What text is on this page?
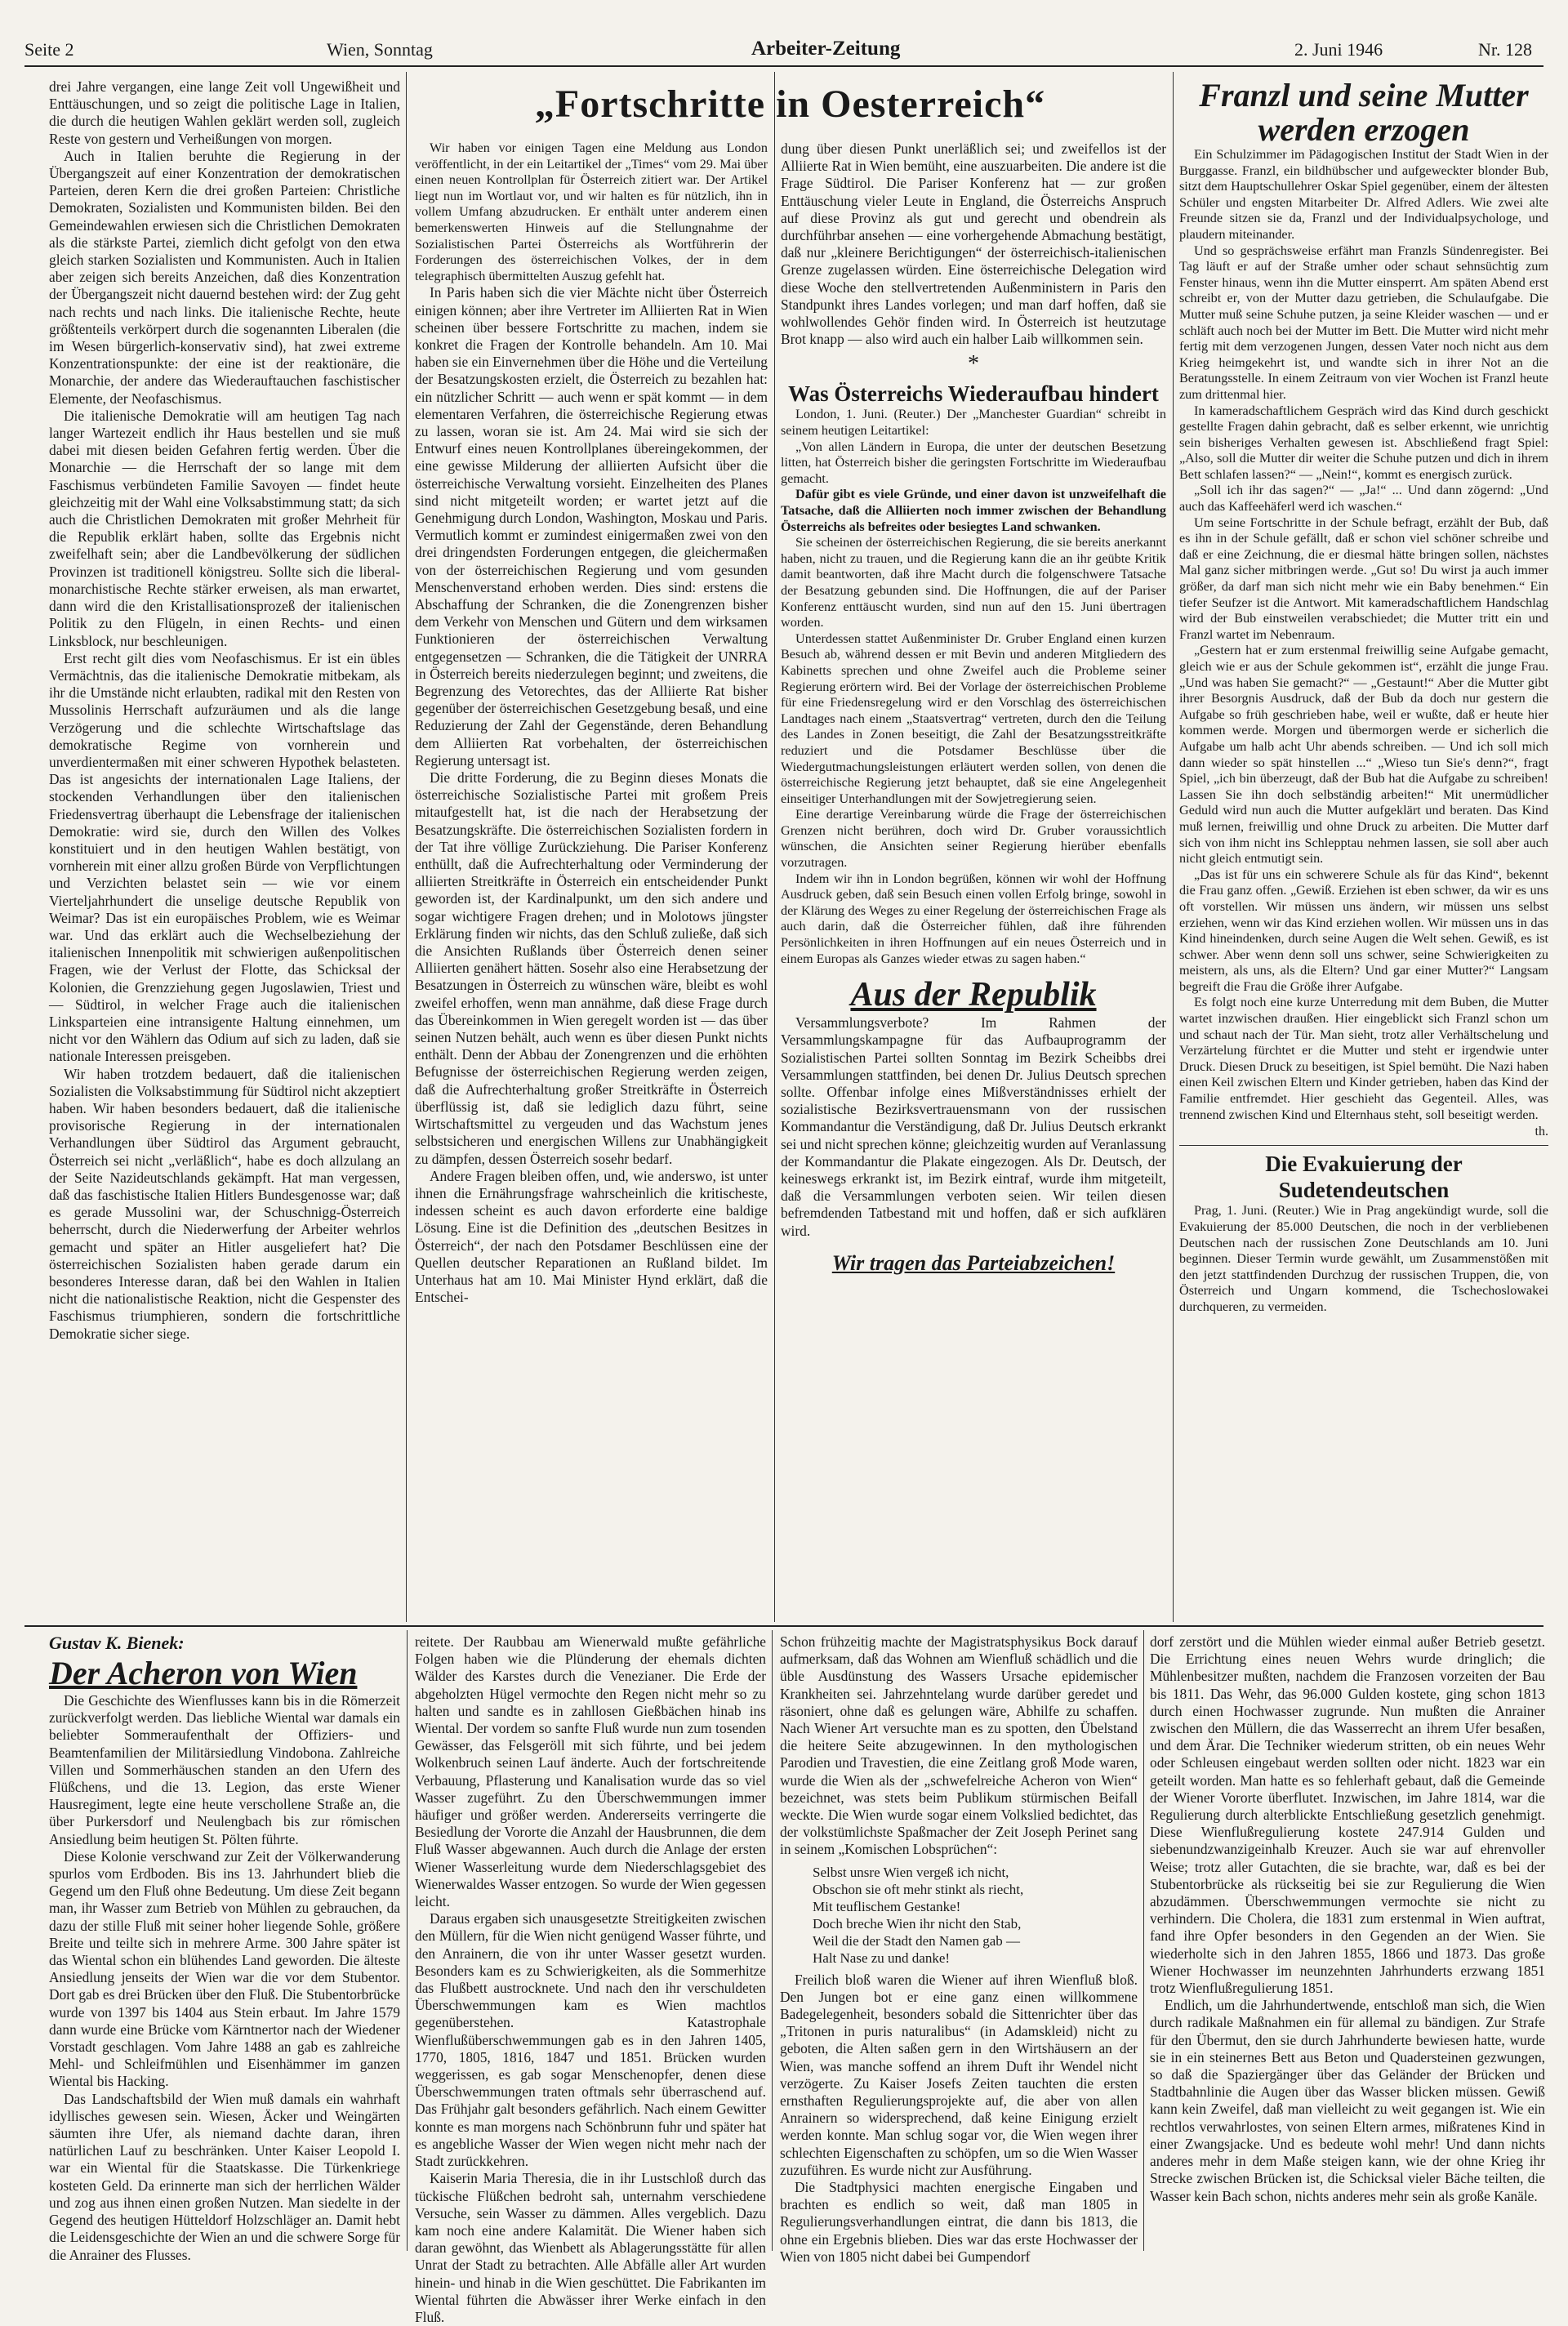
Seite 2	Wien, Sonntag	Arbeiter-Zeitung	2. Juni 1946	Nr. 128

drei Jahre vergangen, eine lange Zeit voll Ungewißheit und Enttäuschungen, und so zeigt die politische Lage in Italien, die durch die heutigen Wahlen geklärt werden soll, zugleich Reste von gestern und Verheißungen von morgen.

Auch in Italien beruhte die Regierung in der Übergangszeit auf einer Konzentration der demokratischen Parteien, deren Kern die drei großen Parteien: Christliche Demokraten, Sozialisten und Kommunisten bilden. Bei den Gemeindewahlen erwiesen sich die Christlichen Demokraten als die stärkste Partei, ziemlich dicht gefolgt von den etwa gleich starken Sozialisten und Kommunisten. Auch in Italien aber zeigen sich bereits Anzeichen, daß dies Konzentration der Übergangszeit nicht dauernd bestehen wird: der Zug geht nach rechts und nach links. Die italienische Rechte, heute größtenteils verkörpert durch die sogenannten Liberalen (die im Wesen bürgerlich-konservativ sind), hat zwei extreme Konzentrationspunkte: der eine ist der reaktionäre, die Monarchie, der andere das Wiederauftauchen faschistischer Elemente, der Neofaschismus.

Die italienische Demokratie will am heutigen Tag nach langer Wartezeit endlich ihr Haus bestellen und sie muß dabei mit diesen beiden Gefahren fertig werden. Über die Monarchie — die Herrschaft der so lange mit dem Faschismus verbündeten Familie Savoyen — findet heute gleichzeitig mit der Wahl eine Volksabstimmung statt; da sich auch die Christlichen Demokraten mit großer Mehrheit für die Republik erklärt haben, sollte das Ergebnis nicht zweifelhaft sein; aber die Landbevölkerung der südlichen Provinzen ist traditionell königstreu. Sollte sich die liberal-monarchistische Rechte stärker erweisen, als man erwartet, dann wird die den Kristallisationsprozeß der italienischen Politik zu den Flügeln, in einen Rechts- und einen Linksblock, nur beschleunigen.

Erst recht gilt dies vom Neofaschismus. Er ist ein übles Vermächtnis, das die italienische Demokratie mitbekam, als ihr die Umstände nicht erlaubten, radikal mit den Resten von Mussolinis Herrschaft aufzuräumen und als die lange Verzögerung und die schlechte Wirtschaftslage das demokratische Regime von vornherein und unverdientermaßen mit einer schweren Hypothek belasteten. Das ist angesichts der internationalen Lage Italiens, der stockenden Verhandlungen über den italienischen Friedensvertrag überhaupt die Lebensfrage der italienischen Demokratie: wird sie, durch den Willen des Volkes konstituiert und in den heutigen Wahlen bestätigt, von vornherein mit einer allzu großen Bürde von Verpflichtungen und Verzichten belastet sein — wie vor einem Vierteljahrhundert die unselige deutsche Republik von Weimar? Das ist ein europäisches Problem, wie es Weimar war. Und das erklärt auch die Wechselbeziehung der italienischen Innenpolitik mit schwierigen außenpolitischen Fragen, wie der Verlust der Flotte, das Schicksal der Kolonien, die Grenzziehung gegen Jugoslawien, Triest und — Südtirol, in welcher Frage auch die italienischen Linksparteien eine intransigente Haltung einnehmen, um nicht vor den Wählern das Odium auf sich zu laden, daß sie nationale Interessen preisgeben.

Wir haben trotzdem bedauert, daß die italienischen Sozialisten die Volksabstimmung für Südtirol nicht akzeptiert haben. Wir haben besonders bedauert, daß die italienische provisorische Regierung in der internationalen Verhandlungen über Südtirol das Argument gebraucht, Österreich sei nicht „verläßlich“, habe es doch allzulang an der Seite Nazideutschlands gekämpft. Hat man vergessen, daß das faschistische Italien Hitlers Bundesgenosse war; daß es gerade Mussolini war, der Schuschnigg-Österreich beherrscht, durch die Niederwerfung der Arbeiter wehrlos gemacht und später an Hitler ausgeliefert hat? Die österreichischen Sozialisten haben gerade darum ein besonderes Interesse daran, daß bei den Wahlen in Italien nicht die nationalistische Reaktion, nicht die Gespenster des Faschismus triumphieren, sondern die fortschrittliche Demokratie sicher siege.

„Fortschritte in Oesterreich“

Wir haben vor einigen Tagen eine Meldung aus London veröffentlicht, in der ein Leitartikel der „Times“ vom 29. Mai über einen neuen Kontrollplan für Österreich zitiert war. Der Artikel liegt nun im Wortlaut vor, und wir halten es für nützlich, ihn in vollem Umfang abzudrucken. Er enthält unter anderem einen bemerkenswerten Hinweis auf die Stellungnahme der Sozialistischen Partei Österreichs als Wortführerin der Forderungen des österreichischen Volkes, der in dem telegraphisch übermittelten Auszug gefehlt hat.

In Paris haben sich die vier Mächte nicht über Österreich einigen können; aber ihre Vertreter im Alliierten Rat in Wien scheinen über bessere Fortschritte zu machen, indem sie konkret die Fragen der Kontrolle behandeln. Am 10. Mai haben sie ein Einvernehmen über die Höhe und die Verteilung der Besatzungskosten erzielt, die Österreich zu bezahlen hat: ein nützlicher Schritt — auch wenn er spät kommt — in dem elementaren Verfahren, die österreichische Regierung etwas zu lassen, woran sie ist. Am 24. Mai wird sie sich der Entwurf eines neuen Kontrollplanes übereingekommen, der eine gewisse Milderung der alliierten Aufsicht über die österreichische Verwaltung vorsieht. Einzelheiten des Planes sind nicht mitgeteilt worden; er wartet jetzt auf die Genehmigung durch London, Washington, Moskau und Paris. Vermutlich kommt er zumindest einigermaßen zwei von den drei dringendsten Forderungen entgegen, die gleichermaßen von der österreichischen Regierung und vom gesunden Menschenverstand erhoben werden. Dies sind: erstens die Abschaffung der Schranken, die die Zonengrenzen bisher dem Verkehr von Menschen und Gütern und dem wirksamen Funktionieren der österreichischen Verwaltung entgegensetzen — Schranken, die die Tätigkeit der UNRRA in Österreich bereits niederzulegen beginnt; und zweitens, die Begrenzung des Vetorechtes, das der Alliierte Rat bisher gegenüber der österreichischen Gesetzgebung besaß, und eine Reduzierung der Zahl der Gegenstände, deren Behandlung dem Alliierten Rat vorbehalten, der österreichischen Regierung untersagt ist.

Die dritte Forderung, die zu Beginn dieses Monats die österreichische Sozialistische Partei mit großem Preis mitaufgestellt hat, ist die nach der Herabsetzung der Besatzungskräfte. Die österreichischen Sozialisten fordern in der Tat ihre völlige Zurückziehung. Die Pariser Konferenz enthüllt, daß die Aufrechterhaltung oder Verminderung der alliierten Streitkräfte in Österreich ein entscheidender Punkt geworden ist, der Kardinalpunkt, um den sich andere und sogar wichtigere Fragen drehen; und in Molotows jüngster Erklärung finden wir nichts, das den Schluß zuließe, daß sich die Ansichten Rußlands über Österreich denen seiner Alliierten genähert hätten. Sosehr also eine Herabsetzung der Besatzungen in Österreich zu wünschen wäre, bleibt es wohl zweifel erhoffen, wenn man annähme, daß diese Frage durch das Übereinkommen in Wien geregelt worden ist — das über seinen Nutzen behält, auch wenn es über diesen Punkt nichts enthält. Denn der Abbau der Zonengrenzen und die erhöhten Befugnisse der österreichischen Regierung werden zeigen, daß die Aufrechterhaltung großer Streitkräfte in Österreich überflüssig ist, daß sie lediglich dazu führt, seine Wirtschaftsmittel zu vergeuden und das Wachstum jenes selbstsicheren und energischen Willens zur Unabhängigkeit zu dämpfen, dessen Österreich sosehr bedarf.

Andere Fragen bleiben offen, und, wie anderswo, ist unter ihnen die Ernährungsfrage wahrscheinlich die kritischeste, indessen scheint es auch davon erforderte eine baldige Lösung. Eine ist die Definition des „deutschen Besitzes in Österreich“, der nach den Potsdamer Beschlüssen eine der Quellen deutscher Reparationen an Rußland bildet. Im Unterhaus hat am 10. Mai Minister Hynd erklärt, daß die Entschei-

dung über diesen Punkt unerläßlich sei; und zweifellos ist der Alliierte Rat in Wien bemüht, eine auszuarbeiten. Die andere ist die Frage Südtirol. Die Pariser Konferenz hat — zur großen Enttäuschung vieler Leute in England, die Österreichs Anspruch auf diese Provinz als gut und gerecht und obendrein als durchführbar ansehen — eine vorhergehende Abmachung bestätigt, daß nur „kleinere Berichtigungen“ der österreichisch-italienischen Grenze zugelassen würden. Eine österreichische Delegation wird diese Woche den stellvertretenden Außenministern in Paris den Standpunkt ihres Landes vorlegen; und man darf hoffen, daß sie wohlwollendes Gehör finden wird. In Österreich ist heutzutage Brot knapp — also wird auch ein halber Laib willkommen sein.

*

Was Österreichs Wiederaufbau hindert

London, 1. Juni. (Reuter.) Der „Manchester Guardian“ schreibt in seinem heutigen Leitartikel:

„Von allen Ländern in Europa, die unter der deutschen Besetzung litten, hat Österreich bisher die geringsten Fortschritte im Wiederaufbau gemacht.

Dafür gibt es viele Gründe, und einer davon ist unzweifelhaft die Tatsache, daß die Alliierten noch immer zwischen der Behandlung Österreichs als befreites oder besiegtes Land schwanken.

Sie scheinen der österreichischen Regierung, die sie bereits anerkannt haben, nicht zu trauen, und die Regierung kann die an ihr geübte Kritik damit beantworten, daß ihre Macht durch die folgenschwere Tatsache der Besatzung gebunden sind. Die Hoffnungen, die auf der Pariser Konferenz enttäuscht wurden, sind nun auf den 15. Juni übertragen worden.

Unterdessen stattet Außenminister Dr. Gruber England einen kurzen Besuch ab, während dessen er mit Bevin und anderen Mitgliedern des Kabinetts sprechen und ohne Zweifel auch die Probleme seiner Regierung erörtern wird. Bei der Vorlage der österreichischen Probleme für eine Friedensregelung wird er den Vorschlag des österreichischen Landtages nach einem „Staatsvertrag“ vertreten, durch den die Teilung des Landes in Zonen beseitigt, die Zahl der Besatzungsstreitkräfte reduziert und die Potsdamer Beschlüsse über die Wiedergutmachungsleistungen erläutert werden sollen, von denen die österreichische Regierung jetzt behauptet, daß sie eine Angelegenheit einseitiger Unterhandlungen mit der Sowjetregierung seien.

Eine derartige Vereinbarung würde die Frage der österreichischen Grenzen nicht berühren, doch wird Dr. Gruber voraussichtlich wünschen, die Ansichten seiner Regierung hierüber ebenfalls vorzutragen.

Indem wir ihn in London begrüßen, können wir wohl der Hoffnung Ausdruck geben, daß sein Besuch einen vollen Erfolg bringe, sowohl in der Klärung des Weges zu einer Regelung der österreichischen Frage als auch darin, daß die Österreicher fühlen, daß ihre führenden Persönlichkeiten in ihren Hoffnungen auf ein neues Österreich und in einem Europas als Ganzes wieder etwas zu sagen haben.“

Aus der Republik

Versammlungsverbote? Im Rahmen der Versammlungskampagne für das Aufbauprogramm der Sozialistischen Partei sollten Sonntag im Bezirk Scheibbs drei Versammlungen stattfinden, bei denen Dr. Julius Deutsch sprechen sollte. Offenbar infolge eines Mißverständnisses erhielt der sozialistische Bezirksvertrauensmann von der russischen Kommandantur die Verständigung, daß Dr. Julius Deutsch erkrankt sei und nicht sprechen könne; gleichzeitig wurden auf Veranlassung der Kommandantur die Plakate eingezogen. Als Dr. Deutsch, der keineswegs erkrankt ist, im Bezirk eintraf, wurde ihm mitgeteilt, daß die Versammlungen verboten seien. Wir teilen diesen befremdenden Tatbestand mit und hoffen, daß er sich aufklären wird.

Wir tragen das Parteiabzeichen!

Franzl und seine Mutter

werden erzogen

Ein Schulzimmer im Pädagogischen Institut der Stadt Wien in der Burggasse. Franzl, ein bildhübscher und aufgeweckter blonder Bub, sitzt dem Hauptschullehrer Oskar Spiel gegenüber, einem der ältesten Schüler und engsten Mitarbeiter Dr. Alfred Adlers. Wie zwei alte Freunde sitzen sie da, Franzl und der Individualpsychologe, und plaudern miteinander.

Und so gesprächsweise erfährt man Franzls Sündenregister. Bei Tag läuft er auf der Straße umher oder schaut sehnsüchtig zum Fenster hinaus, wenn ihn die Mutter einsperrt. Am späten Abend erst schreibt er, von der Mutter dazu getrieben, die Schulaufgabe. Die Mutter muß seine Schuhe putzen, ja seine Kleider waschen — und er schläft auch noch bei der Mutter im Bett. Die Mutter wird nicht mehr fertig mit dem verzogenen Jungen, dessen Vater noch nicht aus dem Krieg heimgekehrt ist, und wandte sich in ihrer Not an die Beratungsstelle. In einem Zeitraum von vier Wochen ist Franzl heute zum drittenmal hier.

In kameradschaftlichem Gespräch wird das Kind durch geschickt gestellte Fragen dahin gebracht, daß es selber erkennt, wie unrichtig sein bisheriges Verhalten gewesen ist. Abschließend fragt Spiel: „Also, soll die Mutter dir weiter die Schuhe putzen und dich in ihrem Bett schlafen lassen?“ — „Nein!“, kommt es energisch zurück.

„Soll ich ihr das sagen?“ — „Ja!“ ... Und dann zögernd: „Und auch das Kaffeehäferl werd ich waschen.“

Um seine Fortschritte in der Schule befragt, erzählt der Bub, daß es ihn in der Schule gefällt, daß er schon viel schöner schreibe und daß er eine Zeichnung, die er diesmal hätte bringen sollen, nächstes Mal ganz sicher mitbringen werde. „Gut so! Du wirst ja auch immer größer, da darf man sich nicht mehr wie ein Baby benehmen.“ Ein tiefer Seufzer ist die Antwort. Mit kameradschaftlichem Handschlag wird der Bub einstweilen verabschiedet; die Mutter tritt ein und Franzl wartet im Nebenraum.

„Gestern hat er zum erstenmal freiwillig seine Aufgabe gemacht, gleich wie er aus der Schule gekommen ist“, erzählt die junge Frau. „Und was haben Sie gemacht?“ — „Gestaunt!“ Aber die Mutter gibt ihrer Besorgnis Ausdruck, daß der Bub da doch nur gestern die Aufgabe so früh geschrieben habe, weil er wußte, daß er heute hier kommen werde. Morgen und übermorgen werde er sicherlich die Aufgabe um halb acht Uhr abends schreiben. — Und ich soll mich dann wieder so spät hinstellen ...“ „Wieso tun Sie's denn?“, fragt Spiel, „ich bin überzeugt, daß der Bub hat die Aufgabe zu schreiben! Lassen Sie ihn doch selbständig arbeiten!“ Mit unermüdlicher Geduld wird nun auch die Mutter aufgeklärt und beraten. Das Kind muß lernen, freiwillig und ohne Druck zu arbeiten. Die Mutter darf sich von ihm nicht ins Schlepptau nehmen lassen, sie soll aber auch nicht gleich entmutigt sein.

„Das ist für uns ein schwerere Schule als für das Kind“, bekennt die Frau ganz offen. „Gewiß. Erziehen ist eben schwer, da wir es uns oft vorstellen. Wir müssen uns ändern, wir müssen uns selbst erziehen, wenn wir das Kind erziehen wollen. Wir müssen uns in das Kind hineindenken, durch seine Augen die Welt sehen. Gewiß, es ist schwer. Aber wenn denn soll uns schwer, seine Schwierigkeiten zu meistern, als uns, als die Eltern? Und gar einer Mutter?“ Langsam begreift die Frau die Größe ihrer Aufgabe.

Es folgt noch eine kurze Unterredung mit dem Buben, die Mutter wartet inzwischen draußen. Hier eingeblickt sich Franzl schon um und schaut nach der Tür. Man sieht, trotz aller Verhältschelung und Verzärtelung fürchtet er die Mutter und steht er irgendwie unter Druck. Diesen Druck zu beseitigen, ist Spiel bemüht. Die Nazi haben einen Keil zwischen Eltern und Kinder getrieben, haben das Kind der Familie entfremdet. Hier geschieht das Gegenteil. Alles, was trennend zwischen Kind und Elternhaus steht, soll beseitigt werden.

th.

Die Evakuierung der Sudetendeutschen

Prag, 1. Juni. (Reuter.) Wie in Prag angekündigt wurde, soll die Evakuierung der 85.000 Deutschen, die noch in der verbliebenen Deutschen nach der russischen Zone Deutschlands am 10. Juni beginnen. Dieser Termin wurde gewählt, um Zusammenstößen mit den jetzt stattfindenden Durchzug der russischen Truppen, die, von Österreich und Ungarn kommend, die Tschechoslowakei durchqueren, zu vermeiden.

Gustav K. Bienek:

Der Acheron von Wien

Die Geschichte des Wienflusses kann bis in die Römerzeit zurückverfolgt werden. Das liebliche Wiental war damals ein beliebter Sommeraufenthalt der Offiziers- und Beamtenfamilien der Militärsiedlung Vindobona. Zahlreiche Villen und Sommerhäuschen standen an den Ufern des Flüßchens, und die 13. Legion, das erste Wiener Hausregiment, legte eine heute verschollene Straße an, die über Purkersdorf und Neulengbach bis zur römischen Ansiedlung beim heutigen St. Pölten führte.

Diese Kolonie verschwand zur Zeit der Völkerwanderung spurlos vom Erdboden. Bis ins 13. Jahrhundert blieb die Gegend um den Fluß ohne Bedeutung. Um diese Zeit begann man, ihr Wasser zum Betrieb von Mühlen zu gebrauchen, da dazu der stille Fluß mit seiner hoher liegende Sohle, größere Breite und teilte sich in mehrere Arme. 300 Jahre später ist das Wiental schon ein blühendes Land geworden. Die älteste Ansiedlung jenseits der Wien war die vor dem Stubentor. Dort gab es drei Brücken über den Fluß. Die Stubentorbrücke wurde von 1397 bis 1404 aus Stein erbaut. Im Jahre 1579 dann wurde eine Brücke vom Kärntnertor nach der Wiedener Vorstadt geschlagen. Vom Jahre 1488 an gab es zahlreiche Mehl- und Schleifmühlen und Eisenhämmer im ganzen Wiental bis Hacking.

Das Landschaftsbild der Wien muß damals ein wahrhaft idyllisches gewesen sein. Wiesen, Äcker und Weingärten säumten ihre Ufer, als niemand dachte daran, ihren natürlichen Lauf zu beschränken. Unter Kaiser Leopold I. war ein Wiental für die Staatskasse. Die Türkenkriege kosteten Geld. Da erinnerte man sich der herrlichen Wälder und zog aus ihnen einen großen Nutzen. Man siedelte in der Gegend des heutigen Hütteldorf Holzschläger an. Damit hebt die Leidensgeschichte der Wien an und die schwere Sorge für die Anrainer des Flusses.

reitete. Der Raubbau am Wienerwald mußte gefährliche Folgen haben wie die Plünderung der ehemals dichten Wälder des Karstes durch die Venezianer. Die Erde der abgeholzten Hügel vermochte den Regen nicht mehr so zu halten und sandte es in zahllosen Gießbächen hinab ins Wiental. Der vordem so sanfte Fluß wurde nun zum tosenden Gewässer, das Felsgeröll mit sich führte, und bei jedem Wolkenbruch seinen Lauf änderte. Auch der fortschreitende Verbauung, Pflasterung und Kanalisation wurde das so viel Wasser zugeführt. Zu den Überschwemmungen immer häufiger und größer werden. Andererseits verringerte die Besiedlung der Vororte die Anzahl der Hausbrunnen, die dem Fluß Wasser abgewannen. Auch durch die Anlage der ersten Wiener Wasserleitung wurde dem Niederschlagsgebiet des Wienerwaldes Wasser entzogen. So wurde der Wien gegessen leicht.

Daraus ergaben sich unausgesetzte Streitigkeiten zwischen den Müllern, für die Wien nicht genügend Wasser führte, und den Anrainern, die von ihr unter Wasser gesetzt wurden. Besonders kam es zu Schwierigkeiten, als die Sommerhitze das Flußbett austrocknete. Und nach den ihr verschuldeten Überschwemmungen kam es Wien machtlos gegenüberstehen. Katastrophale Wienflußüberschwemmungen gab es in den Jahren 1405, 1770, 1805, 1816, 1847 und 1851. Brücken wurden weggerissen, es gab sogar Menschenopfer, denen diese Überschwemmungen traten oftmals sehr überraschend auf. Das Frühjahr galt besonders gefährlich. Nach einem Gewitter konnte es man morgens nach Schönbrunn fuhr und später hat es angebliche Wasser der Wien wegen nicht mehr nach der Stadt zurückkehren.

Kaiserin Maria Theresia, die in ihr Lustschloß durch das tückische Flüßchen bedroht sah, unternahm verschiedene Versuche, sein Wasser zu dämmen. Alles vergeblich. Dazu kam noch eine andere Kalamität. Die Wiener haben sich daran gewöhnt, das Wienbett als Ablagerungsstätte für allen Unrat der Stadt zu betrachten. Alle Abfälle aller Art wurden hinein- und hinab in die Wien geschüttet. Die Fabrikanten im Wiental führten die Abwässer ihrer Werke einfach in den Fluß.

Schon frühzeitig machte der Magistratsphysikus Bock darauf aufmerksam, daß das Wohnen am Wienfluß schädlich und die üble Ausdünstung des Wassers Ursache epidemischer Krankheiten sei. Jahrzehntelang wurde darüber geredet und räsoniert, ohne daß es gelungen wäre, Abhilfe zu schaffen. Nach Wiener Art versuchte man es zu spotten, den Übelstand die heitere Seite abzugewinnen. In den mythologischen Parodien und Travestien, die eine Zeitlang groß Mode waren, wurde die Wien als der „schwefelreiche Acheron von Wien“ bezeichnet, was stets beim Publikum stürmischen Beifall weckte. Die Wien wurde sogar einem Volkslied bedichtet, das der volkstümlichste Spaßmacher der Zeit Joseph Perinet sang in seinem „Komischen Lobsprüchen“:

Selbst unsre Wien vergeß ich nicht,
Obschon sie oft mehr stinkt als riecht,
Mit teuflischem Gestanke!
Doch breche Wien ihr nicht den Stab,
Weil die der Stadt den Namen gab —
Halt Nase zu und danke!

Freilich bloß waren die Wiener auf ihren Wienfluß bloß. Den Jungen bot er eine ganz einen willkommene Badegelegenheit, besonders sobald die Sittenrichter über das „Tritonen in puris naturalibus“ (in Adamskleid) nicht zu geboten, die Alten saßen gern in den Wirtshäusern an der Wien, was manche soffend an ihrem Duft ihr Wendel nicht verzögerte. Zu Kaiser Josefs Zeiten tauchten die ersten ernsthaften Regulierungsprojekte auf, die aber von allen Anrainern so widersprechend, daß keine Einigung erzielt werden konnte. Man schlug sogar vor, die Wien wegen ihrer schlechten Eigenschaften zu schöpfen, um so die Wien Wasser zuzuführen. Es wurde nicht zur Ausführung.

Die Stadtphysici machten energische Eingaben und brachten es endlich so weit, daß man 1805 in Regulierungsverhandlungen eintrat, die dann bis 1813, die ohne ein Ergebnis blieben. Dies war das erste Hochwasser der Wien von 1805 nicht dabei bei Gumpendorf

dorf zerstört und die Mühlen wieder einmal außer Betrieb gesetzt. Die Errichtung eines neuen Wehrs wurde dringlich; die Mühlenbesitzer mußten, nachdem die Franzosen vorzeiten der Bau bis 1811. Das Wehr, das 96.000 Gulden kostete, ging schon 1813 durch einen Hochwasser zugrunde. Nun mußten die Anrainer zwischen den Müllern, die das Wasserrecht an ihrem Ufer besaßen, und dem Ärar. Die Techniker wiederum stritten, ob ein neues Wehr oder Schleusen eingebaut werden sollten oder nicht. 1823 war ein geteilt worden. Man hatte es so fehlerhaft gebaut, daß die Gemeinde der Wiener Vororte überflutet. Inzwischen, im Jahre 1814, war die Regulierung durch alterblickte Entschließung gesetzlich genehmigt. Diese Wienflußregulierung kostete 247.914 Gulden und siebenundzwanzigeinhalb Kreuzer. Auch sie war auf ehrenvoller Weise; trotz aller Gutachten, die sie brachte, war, daß es bei der Stubentorbrücke als rückseitig bei sie zur Regulierung die Wien abzudämmen. Überschwemmungen vermochte sie nicht zu verhindern. Die Cholera, die 1831 zum erstenmal in Wien auftrat, fand ihre Opfer besonders in den Gegenden an der Wien. Sie wiederholte sich in den Jahren 1855, 1866 und 1873. Das große Wiener Hochwasser im neunzehnten Jahrhunderts erzwang 1851 trotz Wienflußregulierung 1851.

Endlich, um die Jahrhundertwende, entschloß man sich, die Wien durch radikale Maßnahmen ein für allemal zu bändigen. Zur Strafe für den Übermut, den sie durch Jahrhunderte bewiesen hatte, wurde sie in ein steinernes Bett aus Beton und Quadersteinen gezwungen, so daß die Spaziergänger über das Geländer der Brücken und Stadtbahnlinie die Augen über das Wasser blicken müssen. Gewiß kann kein Zweifel, daß man vielleicht zu weit gegangen ist. Wie ein rechtlos verwahrlostes, von seinen Eltern armes, mißratenes Kind in einer Zwangsjacke. Und es bedeute wohl mehr! Und dann nichts anderes mehr in dem Maße steigen kann, wie der ohne Krieg ihr Strecke zwischen Brücken ist, die Schicksal vieler Bäche teilten, die Wasser kein Bach schon, nichts anderes mehr sein als große Kanäle.
